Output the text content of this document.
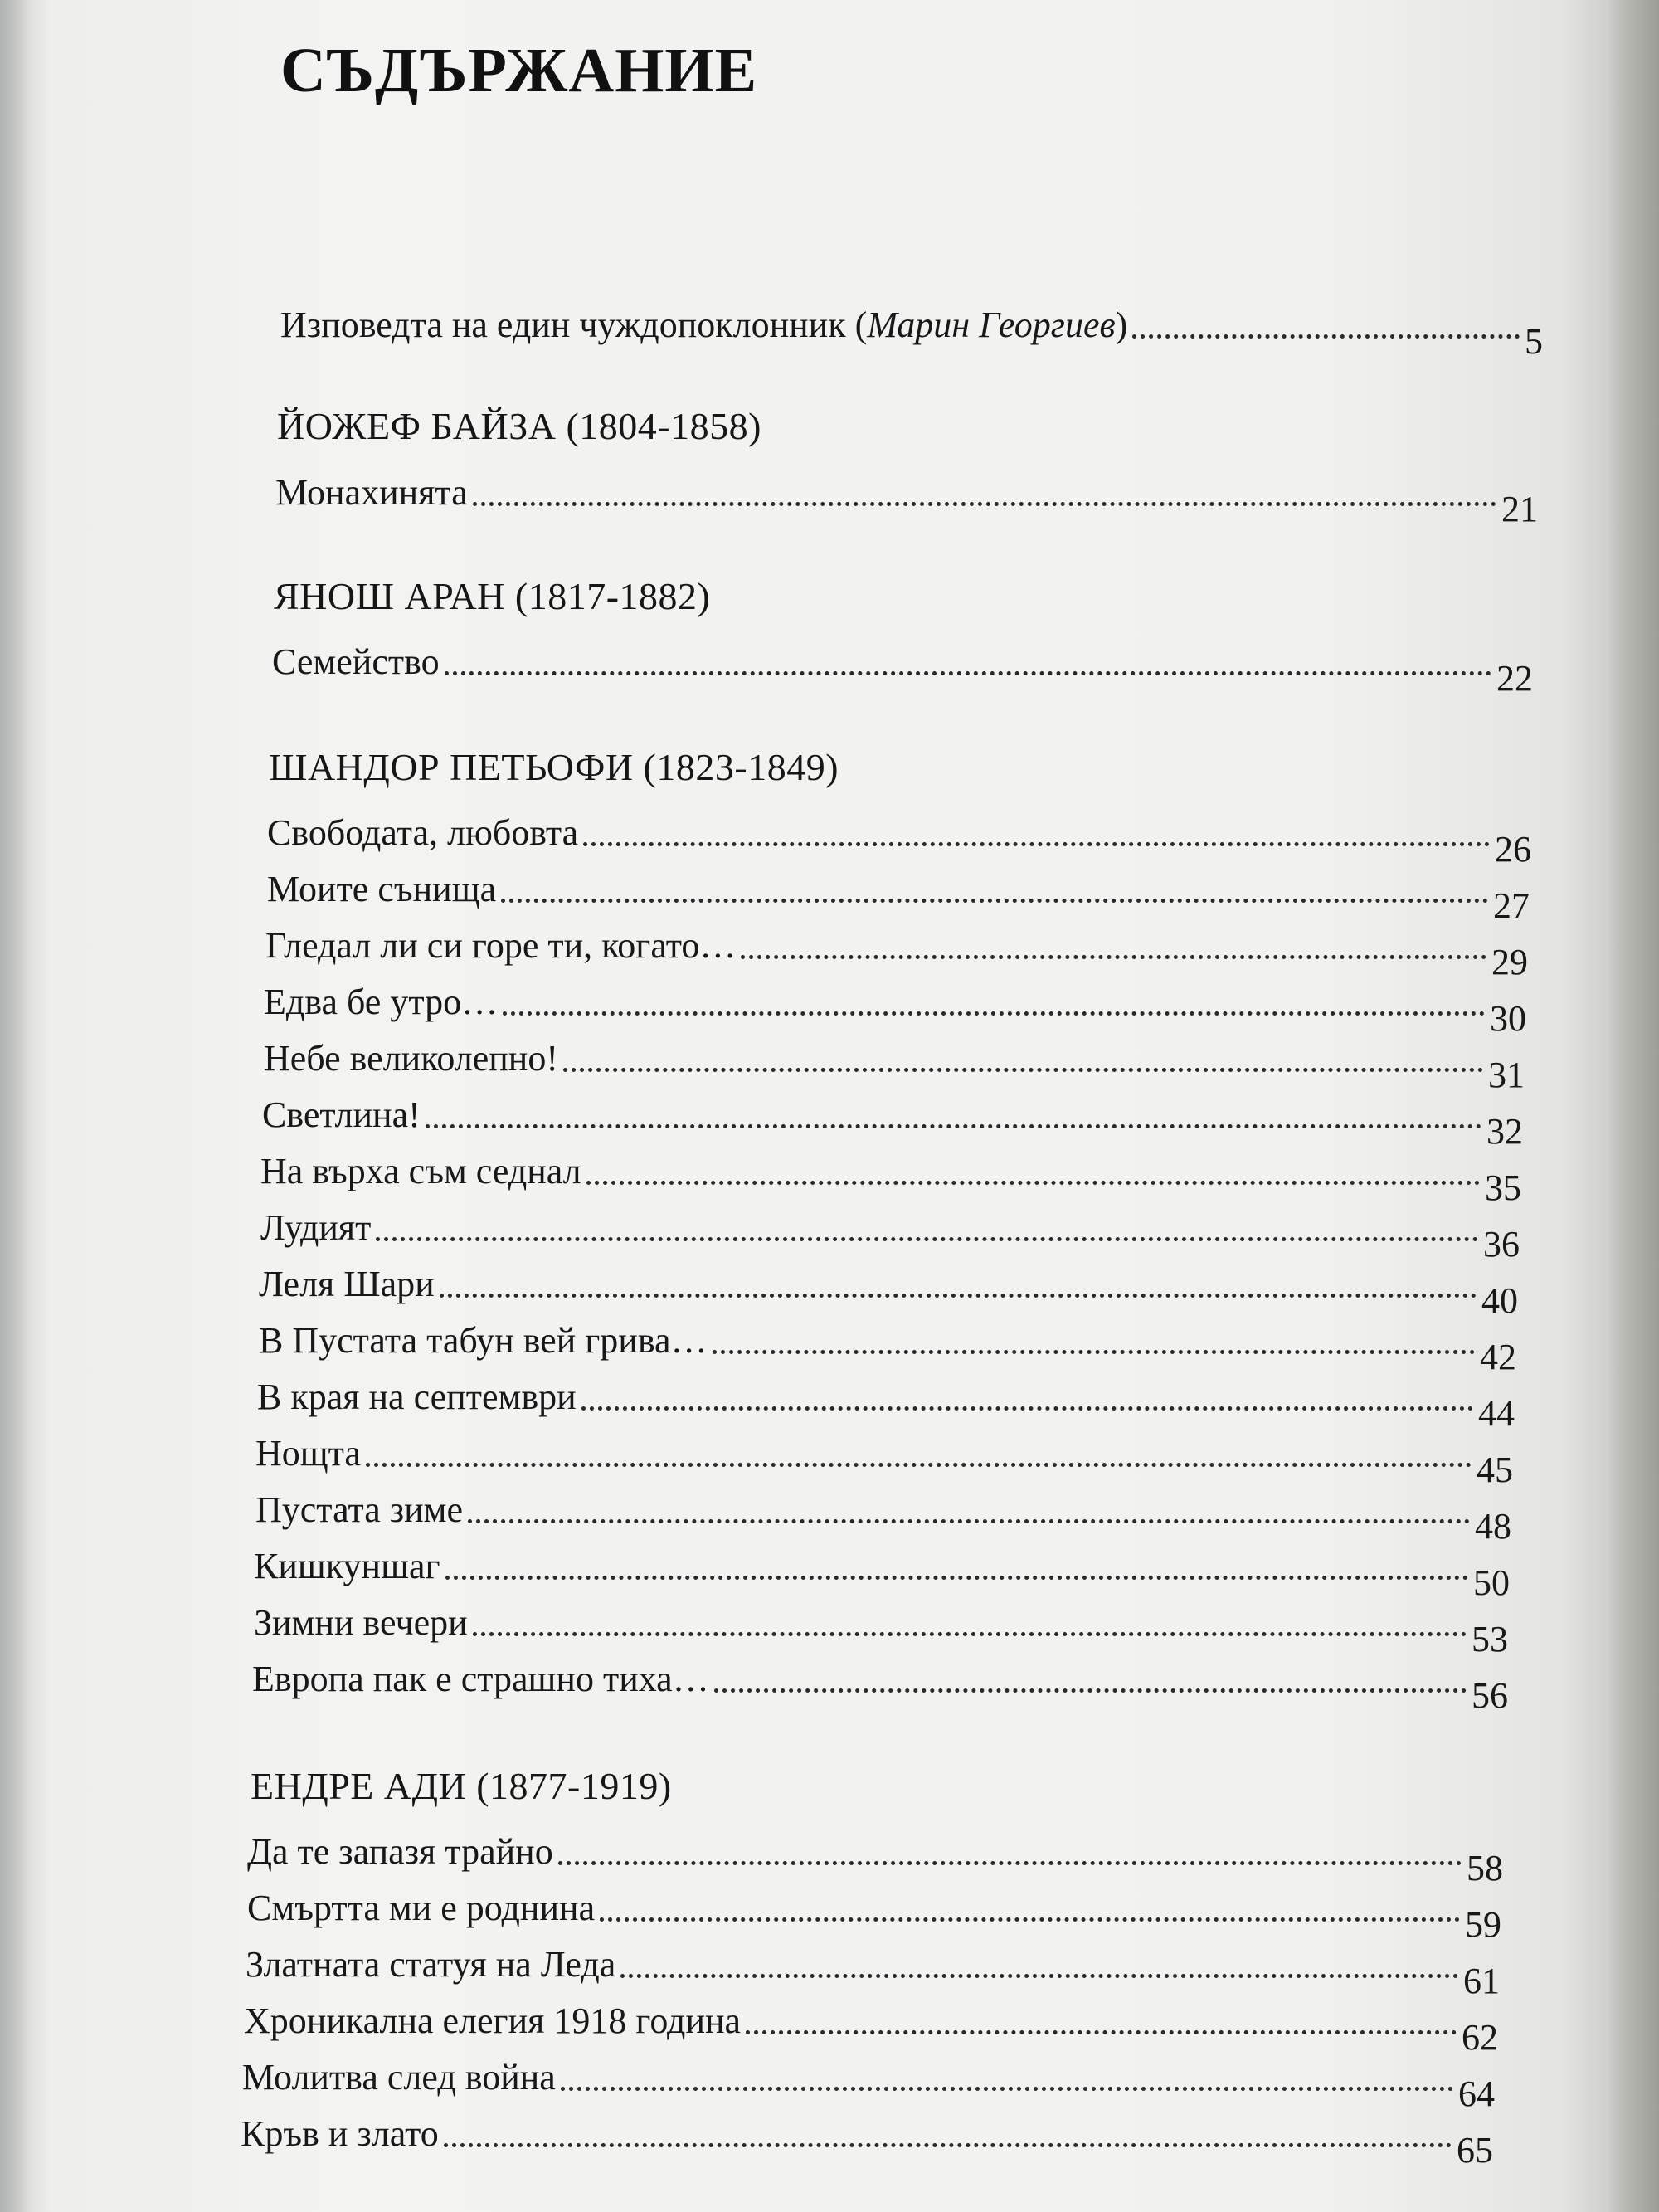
СЪДЪРЖАНИЕ
Изповедта на един чуждопоклонник (Марин Георгиев)	5
ЙОЖЕФ БАЙЗА (1804-1858)
Монахинята	21
ЯНОШ АРАН (1817-1882)
Семейство	22
ШАНДОР ПЕТЬОФИ (1823-1849)
Свободата, любовта	26
Моите сънища	27
Гледал ли си горе ти, когато…	29
Едва бе утро…	30
Небе великолепно!	31
Светлина!	32
На върха съм седнал	35
Лудият	36
Леля Шари	40
В Пустата табун вей грива…	42
В края на септември	44
Нощта	45
Пустата зиме	48
Кишкуншаг	50
Зимни вечери	53
Европа пак е страшно тиха…	56
ЕНДРЕ АДИ (1877-1919)
Да те запазя трайно	58
Смъртта ми е роднина	59
Златната статуя на Леда	61
Хроникална елегия 1918 година	62
Молитва след война	64
Кръв и злато	65
